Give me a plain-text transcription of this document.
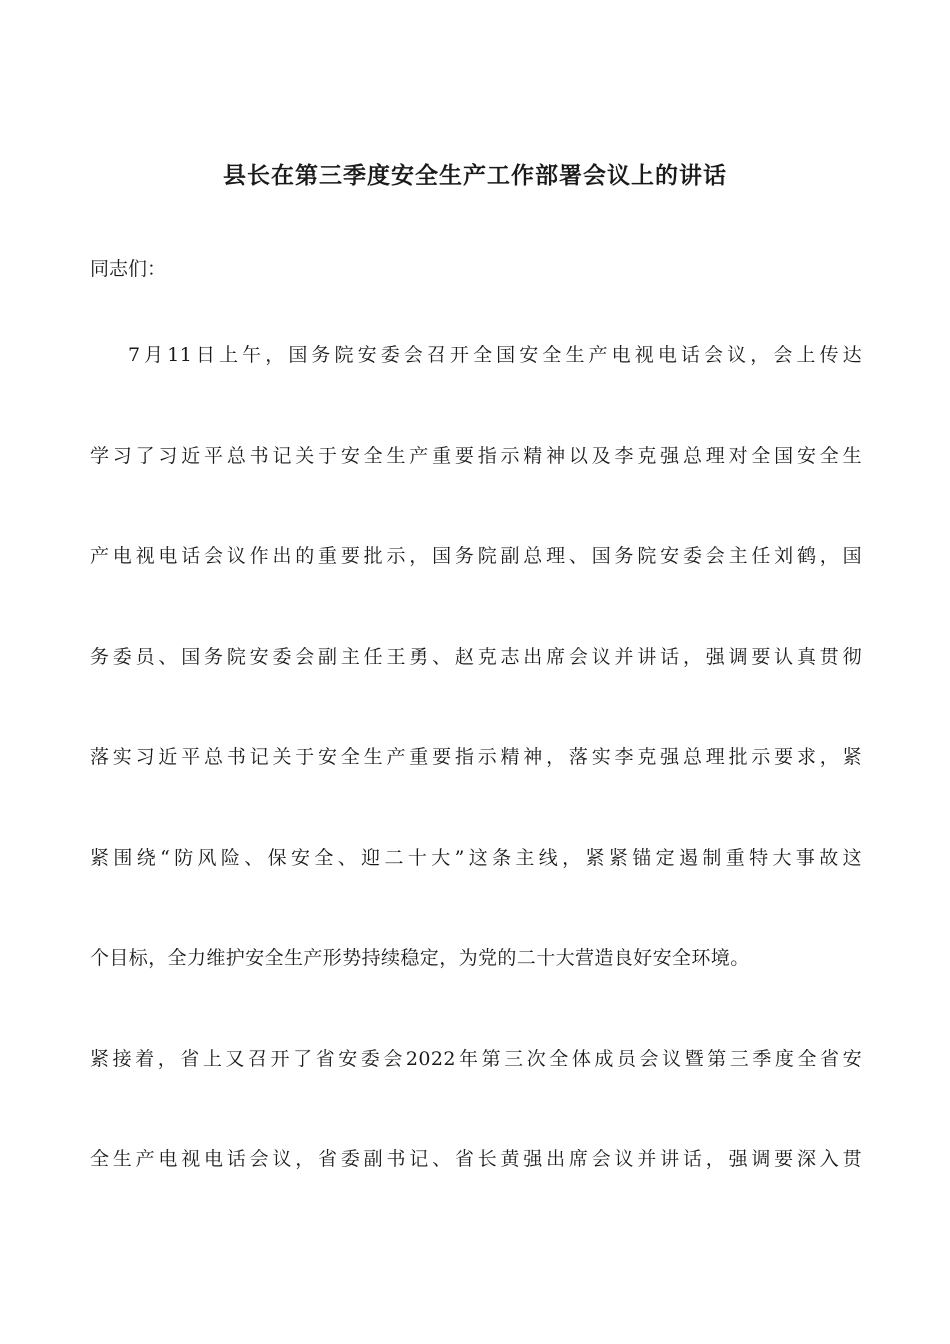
县长在第三季度安全生产工作部署会议上的讲话
同志们：
7月11日上午，国务院安委会召开全国安全生产电视电话会议，会上传达
学习了习近平总书记关于安全生产重要指示精神以及李克强总理对全国安全生
产电视电话会议作出的重要批示，国务院副总理、国务院安委会主任刘鹤，国
务委员、国务院安委会副主任王勇、赵克志出席会议并讲话，强调要认真贯彻
落实习近平总书记关于安全生产重要指示精神，落实李克强总理批示要求，紧
紧围绕“防风险、保安全、迎二十大”这条主线，紧紧锚定遏制重特大事故这
个目标，全力维护安全生产形势持续稳定，为党的二十大营造良好安全环境。
紧接着，省上又召开了省安委会2022年第三次全体成员会议暨第三季度全省安
全生产电视电话会议，省委副书记、省长黄强出席会议并讲话，强调要深入贯
